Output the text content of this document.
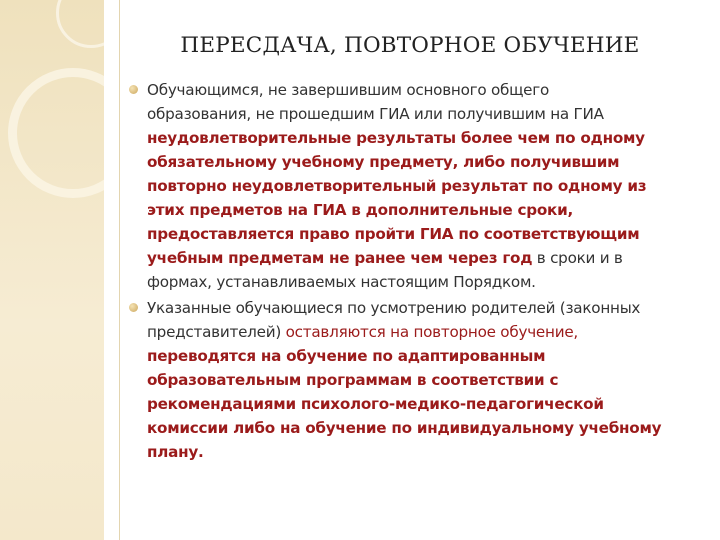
ПЕРЕСДАЧА, ПОВТОРНОЕ ОБУЧЕНИЕ
Обучающимся, не завершившим основного общего
образования, не прошедшим ГИА или получившим на ГИА
неудовлетворительные результаты более чем по одному
обязательному учебному предмету, либо получившим
повторно неудовлетворительный результат по одному из
этих предметов на ГИА в дополнительные сроки,
предоставляется право пройти ГИА по соответствующим
учебным предметам не ранее чем через год в сроки и в
формах, устанавливаемых настоящим Порядком.
Указанные обучающиеся по усмотрению родителей (законных
представителей) оставляются на повторное обучение,
переводятся на обучение по адаптированным
образовательным программам в соответствии с
рекомендациями психолого-медико-педагогической
комиссии либо на обучение по индивидуальному учебному
плану.
